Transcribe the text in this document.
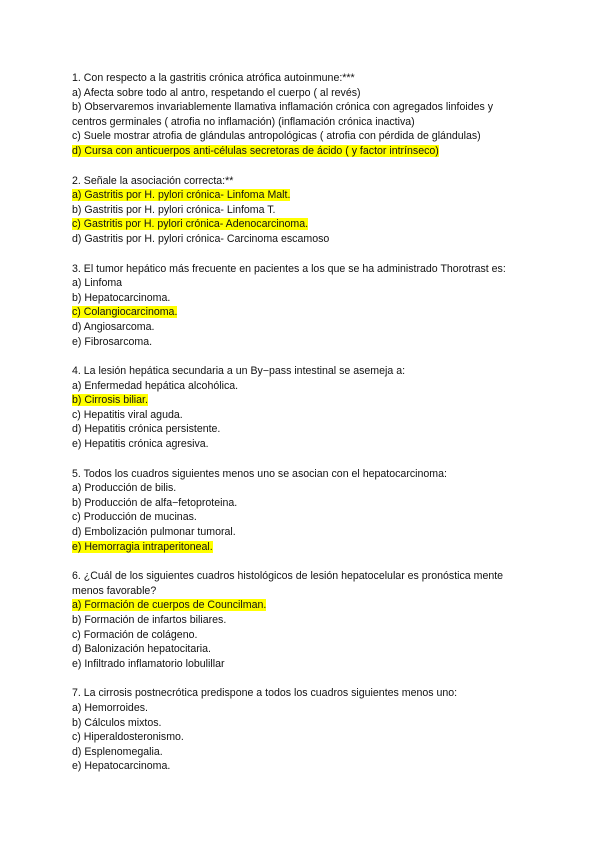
1. Con respecto a la gastritis crónica atrófica autoinmune:***
a) Afecta sobre todo al antro, respetando el cuerpo ( al revés)
b) Observaremos invariablemente llamativa inflamación crónica con agregados linfoides y
centros germinales ( atrofia no inflamación) (inflamación crónica inactiva)
c) Suele mostrar atrofia de glándulas antropológicas ( atrofia con pérdida de glándulas)
d) Cursa con anticuerpos anti-células secretoras de ácido ( y factor intrínseco)
2. Señale la asociación correcta:**
a) Gastritis por H. pylori crónica- Linfoma Malt.
b) Gastritis por H. pylori crónica- Linfoma T.
c) Gastritis por H. pylori crónica- Adenocarcinoma.
d) Gastritis por H. pylori crónica- Carcinoma escamoso
3. El tumor hepático más frecuente en pacientes a los que se ha administrado Thorotrast es:
a) Linfoma
b) Hepatocarcinoma.
c) Colangiocarcinoma.
d) Angiosarcoma.
e) Fibrosarcoma.
4. La lesión hepática secundaria a un By−pass intestinal se asemeja a:
a) Enfermedad hepática alcohólica.
b) Cirrosis biliar.
c) Hepatitis viral aguda.
d) Hepatitis crónica persistente.
e) Hepatitis crónica agresiva.
5. Todos los cuadros siguientes menos uno se asocian con el hepatocarcinoma:
a) Producción de bilis.
b) Producción de alfa−fetoproteina.
c) Producción de mucinas.
d) Embolización pulmonar tumoral.
e) Hemorragia intraperitoneal.
6. ¿Cuál de los siguientes cuadros histológicos de lesión hepatocelular es pronóstica mente menos favorable?
a) Formación de cuerpos de Councilman.
b) Formación de infartos biliares.
c) Formación de colágeno.
d) Balonización hepatocitaria.
e) Infiltrado inflamatorio lobulillar
7. La cirrosis postnecrótica predispone a todos los cuadros siguientes menos uno:
a) Hemorroides.
b) Cálculos mixtos.
c) Hiperaldosteronismo.
d) Esplenomegalia.
e) Hepatocarcinoma.
